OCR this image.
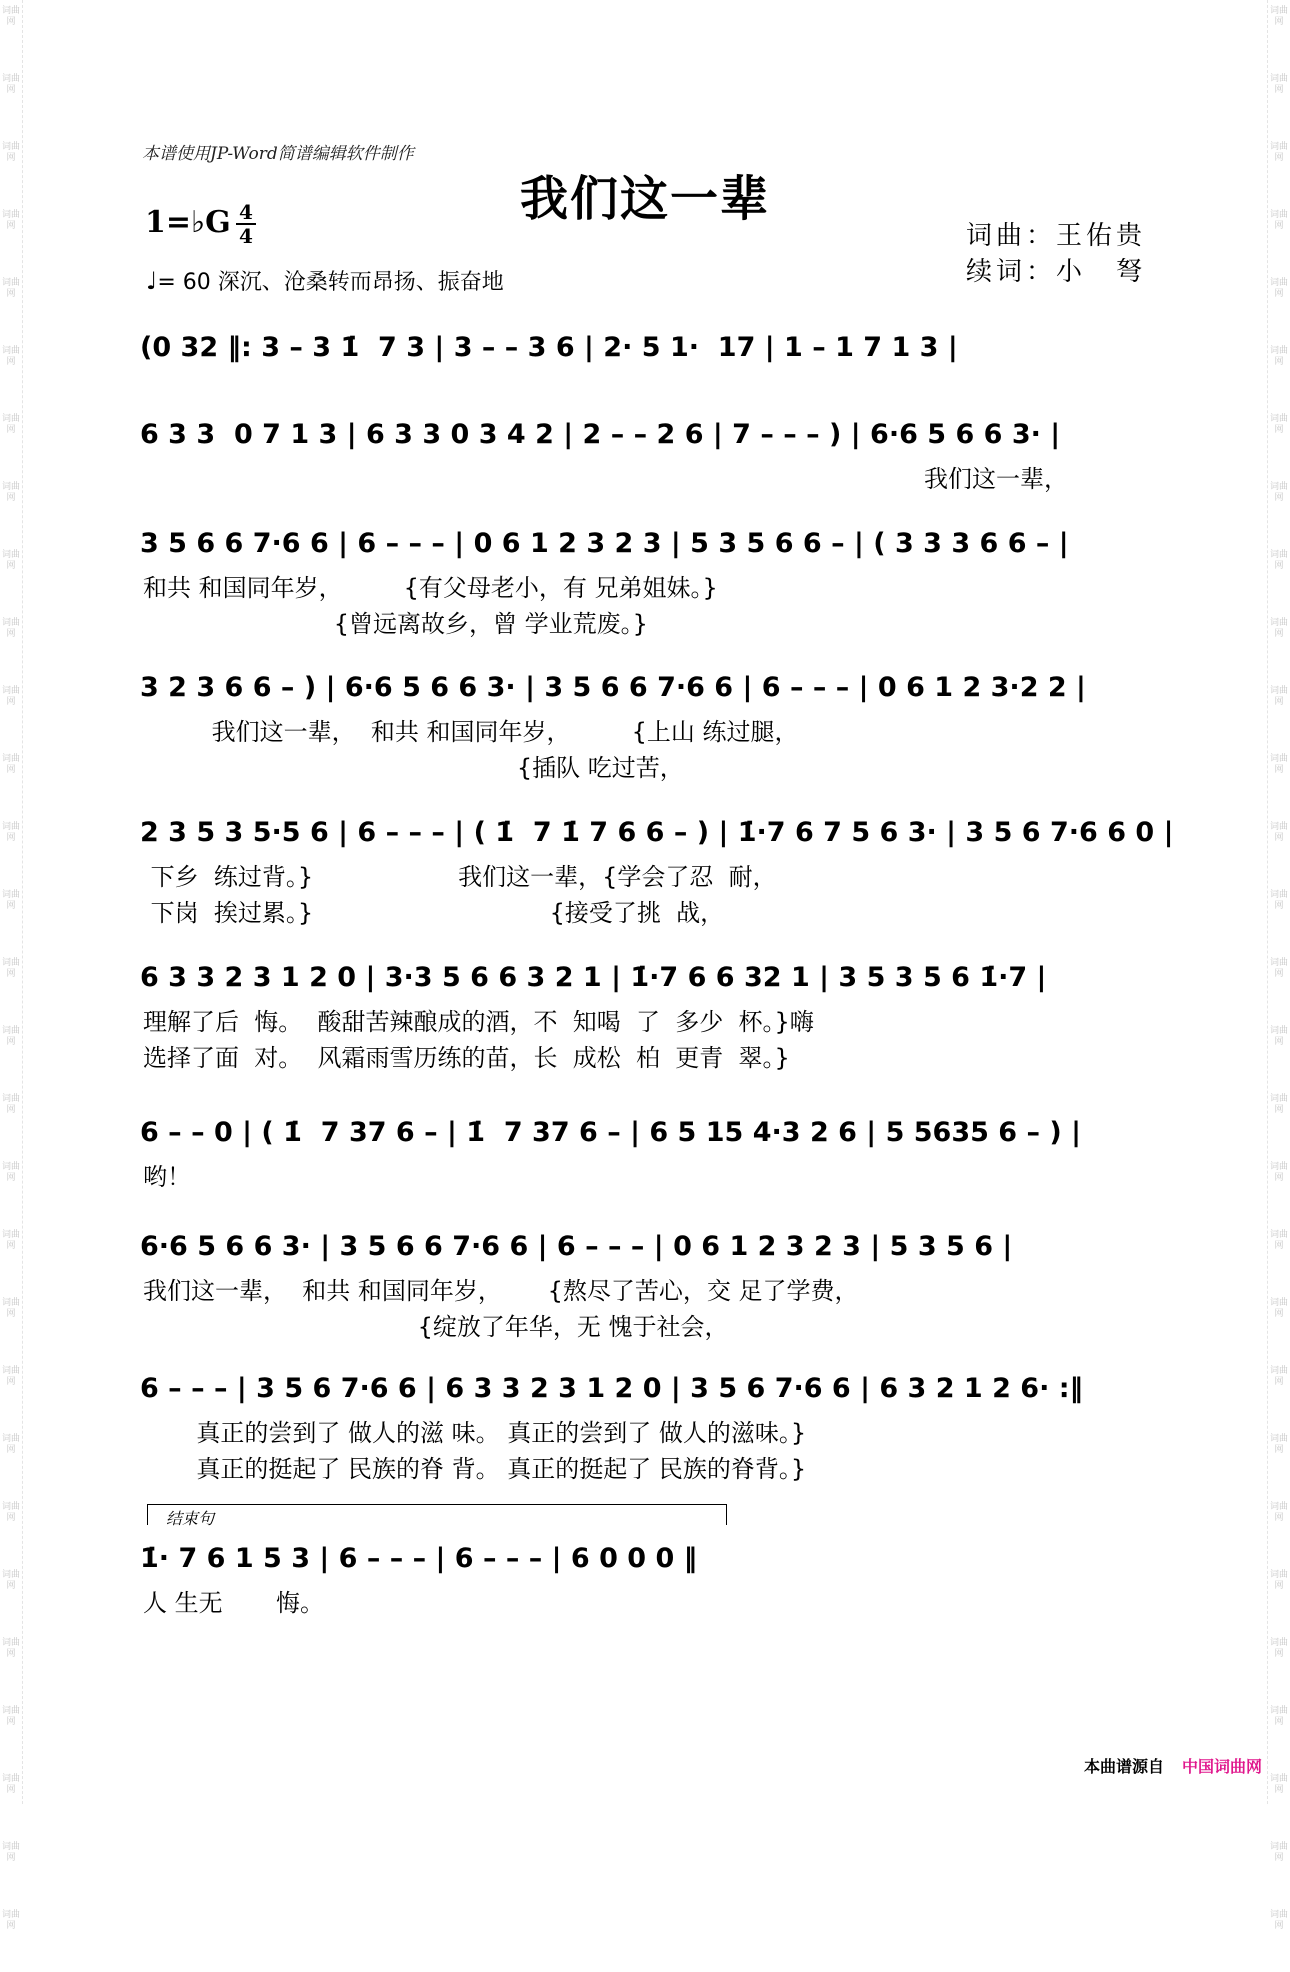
词曲网
词曲网
词曲网
词曲网
词曲网
词曲网
词曲网
词曲网
词曲网
词曲网
词曲网
词曲网
词曲网
词曲网
词曲网
词曲网
词曲网
词曲网
词曲网
词曲网
词曲网
词曲网
词曲网
词曲网
词曲网
词曲网
词曲网
词曲网
词曲网
词曲网
词曲网
词曲网
词曲网
词曲网
词曲网
词曲网
词曲网
词曲网
词曲网
词曲网
词曲网
词曲网
词曲网
词曲网
词曲网
词曲网
词曲网
词曲网
词曲网
词曲网
词曲网
词曲网
词曲网
词曲网
词曲网
词曲网
词曲网
词曲网
本谱使用JP-Word简谱编辑软件制作
我们这一辈
1=♭G 4
4
♩= 60 深沉、沧桑转而昂扬、振奋地
词曲：王佑贵
续词：小　弩
(0 32 ‖: 3 – 3 1̇  7 3 | 3 – – 3 6 | 2· 5 1·  17 | 1 – 1 7 1 3 |
6 3 3  0 7 1 3 | 6 3 3 0 3 4 2 | 2 – – 2 6 | 7 – – – ) | 6·6 5 6 6 3· |
我们这一辈，
3 5 6 6 7·6 6 | 6 – – – | 0 6 1 2 3 2 3 | 5 3 5 6 6 – | ( 3 3 3 6 6 – |
和共 和国同年岁，        {有父母老小，有 兄弟姐妹。}
{曾远离故乡，曾 学业荒废。}
3 2 3 6 6 – ) | 6·6 5 6 6 3· | 3 5 6 6 7·6 6 | 6 – – – | 0 6 1 2 3·2 2 |
我们这一辈，  和共 和国同年岁，        {上山 练过腿，
{插队 吃过苦，
2 3 5 3 5·5 6 | 6 – – – | ( 1̇  7 1̇ 7 6 6 – ) | 1̇·7 6 7 5 6 3· | 3 5 6 7·6 6 0 |
下乡  练过背。}                   我们这一辈，{学会了忍  耐，
下岗  挨过累。}                               {接受了挑  战，
6 3 3 2 3 1 2 0 | 3·3 5 6 6 3 2 1 | 1̇·7 6 6 32 1 | 3 5 3 5 6 1̇·7 |
理解了后  悔。  酸甜苦辣酿成的酒，不  知喝  了  多少  杯。}嗨
选择了面  对。  风霜雨雪历练的苗，长  成松  柏  更青  翠。}
6 – – 0 | ( 1̇  7 37 6 – | 1̇  7 37 6 – | 6 5 15 4·3 2 6 | 5 5635 6 – ) |
哟！
6·6 5 6 6 3· | 3 5 6 6 7·6 6 | 6 – – – | 0 6 1 2 3 2 3 | 5 3 5 6 |
我们这一辈，  和共 和国同年岁，      {熬尽了苦心，交 足了学费，
{绽放了年华，无 愧于社会，
6 – – – | 3 5 6 7·6 6 | 6 3 3 2 3 1 2 0 | 3 5 6 7·6 6 | 6 3 2 1 2 6· :‖
真正的尝到了 做人的滋 味。 真正的尝到了 做人的滋味。}
真正的挺起了 民族的脊 背。 真正的挺起了 民族的脊背。}
1̇· 7 6 1 5 3 | 6 – – – | 6 – – – | 6 0 0 0 ‖
人 生无       悔。
结束句
本曲谱源自 中国词曲网
